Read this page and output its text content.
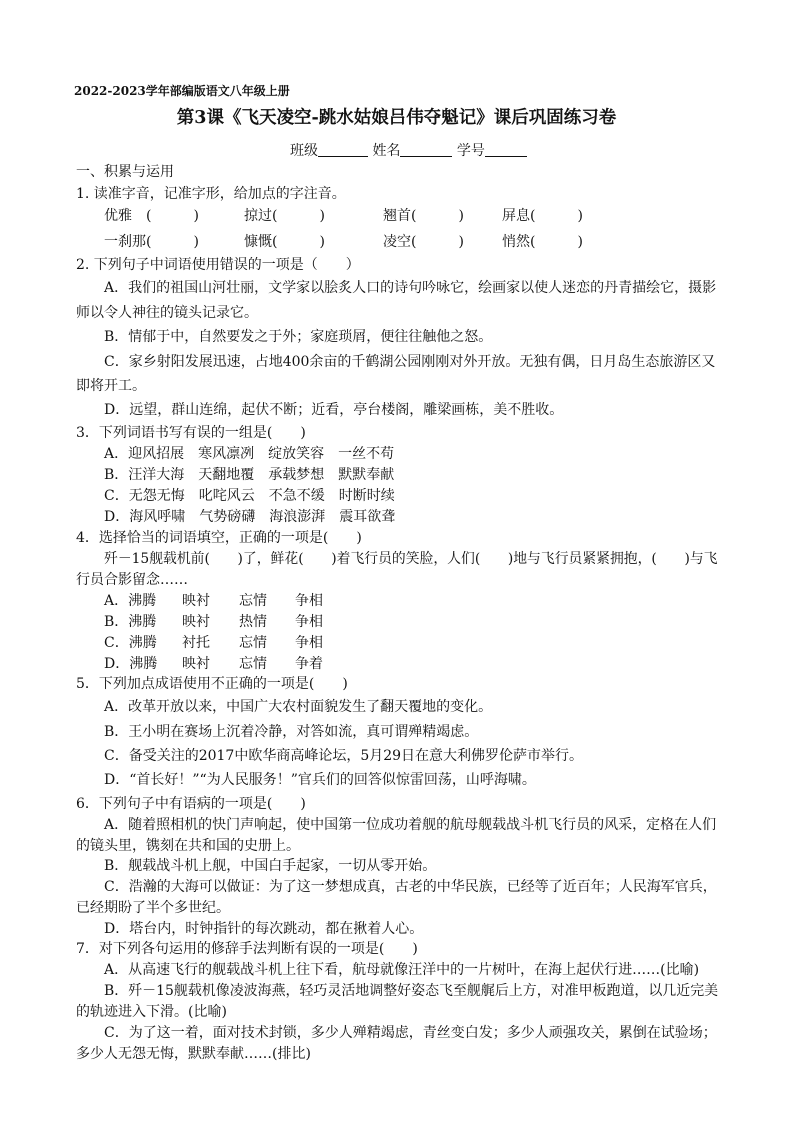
2022-2023学年部编版语文八年级上册
第3课《飞天凌空-跳水姑娘吕伟夺魁记》课后巩固练习卷
班级	姓名	学号
一、积累与运用
1. 读准字音，记准字形，给加点的字注音。
优雅　(　　　)	掠过(　　　)	翘首(　　　)	屏息(　　　)
一刹那(　　　)	慷慨(　　　)	凌空(　　　)	悄然(　　　)
2. 下列句子中词语使用错误的一项是（　　）
A．我们的祖国山河壮丽，文学家以脍炙人口的诗句吟咏它，绘画家以使人迷恋的丹青描绘它，摄影
师以令人神往的镜头记录它。
B．情郁于中，自然要发之于外；家庭琐屑，便往往触他之怒。
C．家乡射阳发展迅速，占地400余亩的千鹤湖公园刚刚对外开放。无独有偶，日月岛生态旅游区又
即将开工。
D．远望，群山连绵，起伏不断；近看，亭台楼阁，雕梁画栋，美不胜收。
3．下列词语书写有误的一组是(　　)
A．迎风招展　寒风凛冽　绽放笑容　一丝不苟
B．汪洋大海　天翻地覆　承载梦想　默默奉献
C．无怨无悔　叱咤风云　不急不缓　时断时续
D．海风呼啸　气势磅礴　海浪澎湃　震耳欲聋
4．选择恰当的词语填空，正确的一项是(　　)
歼－15舰载机前(　　)了，鲜花(　　)着飞行员的笑脸，人们(　　)地与飞行员紧紧拥抱，(　　)与飞
行员合影留念……
A．沸腾 映衬 忘情 争相
B．沸腾 映衬 热情 争相
C．沸腾 衬托 忘情 争相
D．沸腾 映衬 忘情 争着
5．下列加点成语使用不正确的一项是(　　)
A．改革开放以来，中国广大农村面貌发生了翻天覆地的变化。
B．王小明在赛场上沉着冷静，对答如流，真可谓殚精竭虑。
C．备受关注的2017中欧华商高峰论坛，5月29日在意大利佛罗伦萨市举行。
D．“首长好！”“为人民服务！”官兵们的回答似惊雷回荡，山呼海啸。
6．下列句子中有语病的一项是(　　)
A．随着照相机的快门声响起，使中国第一位成功着舰的航母舰载战斗机飞行员的风采，定格在人们
的镜头里，镌刻在共和国的史册上。
B．舰载战斗机上舰，中国白手起家，一切从零开始。
C．浩瀚的大海可以做证：为了这一梦想成真，古老的中华民族，已经等了近百年；人民海军官兵，
已经期盼了半个多世纪。
D．塔台内，时钟指针的每次跳动，都在揪着人心。
7．对下列各句运用的修辞手法判断有误的一项是(　　)
A．从高速飞行的舰载战斗机上往下看，航母就像汪洋中的一片树叶，在海上起伏行进……(比喻)
B．歼－15舰载机像凌波海燕，轻巧灵活地调整好姿态飞至舰艉后上方，对准甲板跑道，以几近完美
的轨迹进入下滑。(比喻)
C．为了这一着，面对技术封锁，多少人殚精竭虑，青丝变白发；多少人顽强攻关，累倒在试验场；
多少人无怨无悔，默默奉献……(排比)
